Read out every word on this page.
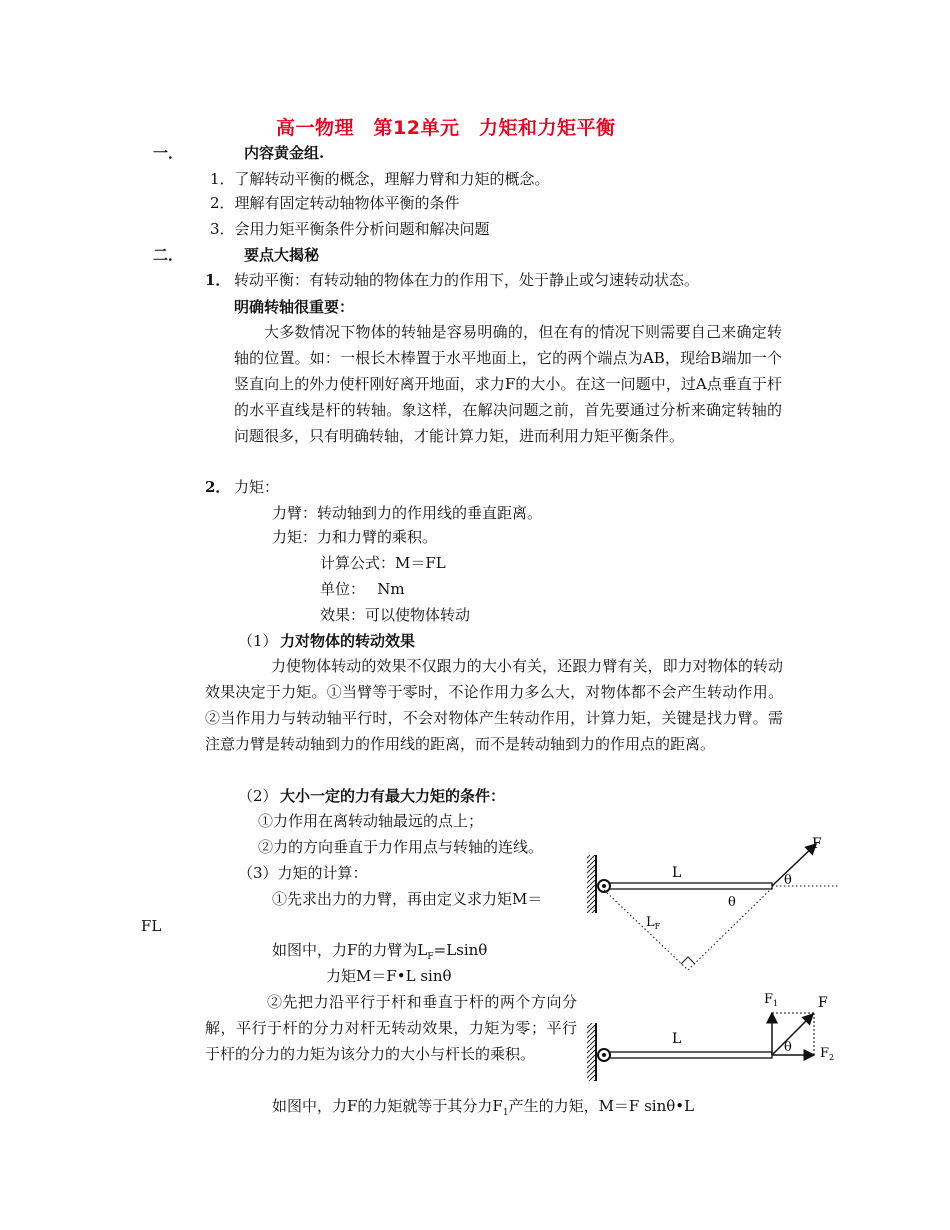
高一物理　第12单元　力矩和力矩平衡
一．	内容黄金组.
1．了解转动平衡的概念，理解力臂和力矩的概念。
2．理解有固定转动轴物体平衡的条件
3．会用力矩平衡条件分析问题和解决问题
二．	要点大揭秘
1． 转动平衡：有转动轴的物体在力的作用下，处于静止或匀速转动状态。
明确转轴很重要：
大多数情况下物体的转轴是容易明确的，但在有的情况下则需要自己来确定转轴的位置。如：一根长木棒置于水平地面上，它的两个端点为AB，现给B端加一个竖直向上的外力使杆刚好离开地面，求力F的大小。在这一问题中，过A点垂直于杆的水平直线是杆的转轴。象这样，在解决问题之前，首先要通过分析来确定转轴的问题很多，只有明确转轴，才能计算力矩，进而利用力矩平衡条件。
2． 力矩：
力臂：转动轴到力的作用线的垂直距离。
力矩：力和力臂的乘积。
计算公式：M＝FL
单位：　 Nm
效果：可以使物体转动
（1） 力对物体的转动效果
力使物体转动的效果不仅跟力的大小有关，还跟力臂有关，即力对物体的转动效果决定于力矩。①当臂等于零时，不论作用力多么大，对物体都不会产生转动作用。②当作用力与转动轴平行时，不会对物体产生转动作用，计算力矩，关键是找力臂。需注意力臂是转动轴到力的作用线的距离，而不是转动轴到力的作用点的距离。
（2） 大小一定的力有最大力矩的条件：
①力作用在离转动轴最远的点上；
②力的方向垂直于力作用点与转轴的连线。
（3）力矩的计算：
①先求出力的力臂，再由定义求力矩M＝
FL
如图中，力F的力臂为$L_F=Lsin\theta$
力矩M＝F•L sinθ
②先把力沿平行于杆和垂直于杆的两个方向分解，平行于杆的分力对杆无转动效果，力矩为零；平行于杆的分力的力矩为该分力的大小与杆长的乘积。
如图中，力F的力矩就等于其分力$F_1$产生的力矩，M＝F sinθ•L
F
L	θ
θ
$L_F$
$F_1$	F
L
θ $F_2$
